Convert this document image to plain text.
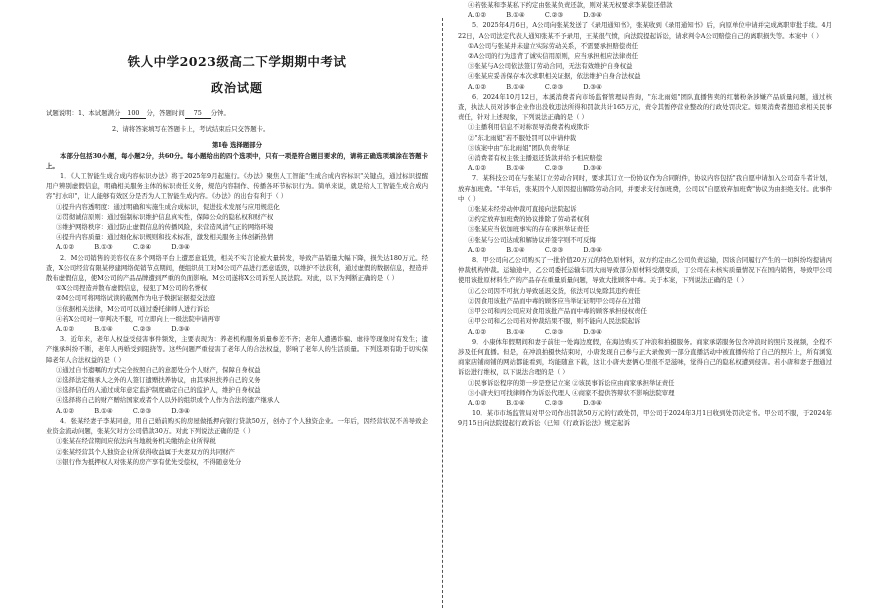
铁人中学2023级高二下学期期中考试
政治试题
试题说明：1、本试题满分 100 分，答题时间 75 分钟。
2、请将答案填写在答题卡上，考试结束后只交答题卡。
第Ⅰ卷 选择题部分
本部分包括30小题，每小题2分，共60分。每小题给出的四个选项中，只有一项是符合题目要求的，请将正确选项填涂在答题卡上。
1．《人工智能生成合成内容标识办法》将于2025年9月起施行。《办法》聚焦人工智能"生成合成内容标识"关键点，通过标识提醒用户辨别虚假信息，明确相关服务主体的标识责任义务，规范内容制作、传播各环节标识行为。简单来说，就是给人工智能生成合成内容"打水印"，让人能够有效区分是否为人工智能生成内容。《办法》的出台有利于（ ）
①提升内容透明度：通过明确和实施生成合成标识，促进技术发展与应用规范化
②贯彻诚信原则：通过强制标识维护信息真实性，保障公众的隐私权和财产权
③维护网络秩序：通过防止虚假信息的传播风险，来营造风清气正的网络环境
④提升内容质量：通过细化标识规则和技术标准，激发相关服务主体创新热情
A.①②          B.①③          C.②④          D.③④
2．M公司销售的美容仪在多个网络平台上遭恶意诋毁，相关不实言论被大量转发，导致产品销量大幅下降，损失达180万元。经查，X公司经营有限某停建网络促销节点期间，便组织员工对M公司产品进行恶意诋毁，以维护不法获利，通过虚假的数据信息，捏造并散布虚假信息，使M公司的产品品牌遭到严重的负面影响。M公司遂将X公司诉至人民法院。对此，以下为判断正确的是（ ）
①X公司捏造并散布虚假信息，侵犯了M公司的名誉权
②M公司可将网络试读的截图作为电子数据证据提交法庭
③依据相关法律，M公司可以通过委托律师人进行诉讼
④若X公司对一审判决不服，可立即向上一级法院申请再审
A.①②          B.①④          C.②③          D.③④
3．近年来，老年人权益受侵害事件频发，主要表现为：养老机构服务质量参差不齐；老年人遭遇诈骗、虐待等现象时有发生；遗产继承纠纷不断，老年人再婚受到阻挠等。这些问题严重侵害了老年人的合法权益，影响了老年人的生活质量。下列选项有助于切实保障老年人合法权益的是（ ）
①通过自书遗嘱的方式完全按照自己的意愿处分个人财产，保障自身权益
②选择法定继承人之外的人签订遗赠扶养协议，由其承担扶养自己的义务
③选择信任的人通过成年意定监护制度确定自己的监护人，维护自身权益
④选择将自己的财产赠给国家或者个人以外的组织或个人作为合法的遗产继承人
A.①②          B.①④          C.②③          D.③④
4．张某经妻子李某同意，用自己婚前购买的房屋做抵押向银行贷款50万，创办了个人独资企业。一年后，因经营状况不善导致企业资金流动问题，张某欠对方公司借款30万。对此下列说法正确的是（ ）
①张某在经营期间应依法向当地税务机关缴纳企业所得税
②张某经营其个人独资企业所获得收益属于夫妻双方的共同财产
③银行作为抵押权人对张某的房产享有优先受偿权，不得随意处分
④若张某和李某私下约定由张某负责还款，则对某无权要求李某偿还借款
A.①②          B.①④          C.②③          D.③④
5．2025年4月6日，A公司向张某发送了《录用通知书》，张某收到《录用通知书》后，向原单位申请并完成离职审批手续。4月22日，A公司法定代表人通知张某不予录用，王某很气愤，向法院提起诉讼，请求判令A公司赔偿自己的离职损失等。本案中（ ）
①A公司与张某并未建立实际劳动关系，不需要承担赔偿责任
②A公司的行为违背了诚实信用原则，应当承担相应法律责任
③张某与A公司依法签订劳动合同，无法有效维护自身权益
④张某应妥善保存本次求职相关证据，依法维护自身合法权益
A.①②          B.①④          C.②③          D.③④
6．2024年10月12日，本溪消费者向市场监督管理局咨询，"东北雨姐"团队直播售卖的红薯粉条涉嫌产品质量问题，通过核查，执法人员对涉事企业作出没收违法所得和罚款共计165万元，责令其暂停营业整改的行政处罚决定。如果消费者想追求相关民事责任，针对上述现象，下列说法正确的是（ ）
①主播利用信息不对称误导消费者构成欺诈
②"东北雨姐"若不服处罚可以申请仲裁
③该案中由"东北雨姐"团队负责举证
④消费者有权主张主播退还货款并给予相应赔偿
A.①②          B.①④          C.②③          D.③④
7．某科技公司在与张某订立劳动合同时，要求其订立一份协议作为合同附件，协议内容包括"我自愿申请加入公司奋斗者计划，放弃加班费。"半年后，张某因个人原因提出解除劳动合同，并要求支付加班费，公司以"自愿放弃加班费"协议为由拒绝支付。此事件中（ ）
①张某未经劳动仲裁可直接向法院起诉
②约定放弃加班费的协议排除了劳动者权利
③张某应当依加班事实的存在承担举证责任
④张某与公司达成和解协议并签字则不可反悔
A.①②          B.①④          C.②③          D.③④
8．甲公司向乙公司购买了一批价值20万元的特色原材料，双方约定由乙公司负责运输，因该合同履行产生的一切纠纷均提请丙仲裁机构仲裁。运输途中，乙公司委托运输车因大雨导致部分原材料受潮变质，丁公司在未核实质量情况下在国内销售，导致甲公司使用该批原材料生产的产品存在重量质量问题，导致大批顾客中毒。关于本案，下列说法正确的是（ ）
①乙公司因不可抗力导致延迟交货，依法可以免除其违约责任
②因食用该批产品而中毒的顾客应当举证证明甲公司存在过错
③甲公司和丙公司应对食用该批产品而中毒的顾客承担侵权责任
④甲公司和乙公司若对仲裁结果不服，则不能向人民法院起诉
A.①②          B.①④          C.②③          D.③④
9．小康体年假期间和妻子前往一处海边度假，在海边购买了冲浪和拍摄服务。商家承诺服务包含冲浪时的照片及视频，全程不涉及任何直播。但是，在冲浪拍摄快结束时，小唐发现自己参与正大录像到一部分直播活动中被直播传给了自己的照片上，所有浏览商家店铺商铺的网站都能看到，均能随意下载，这让小唐夫妻俩心里很不是滋味，觉得自己的隐私权遭到侵害。若小唐和妻子想通过诉讼进行维权，以下说法合理的是（ ）
①民事诉讼程序的第一步是登记立案 ②该民事诉讼应由商家承担举证责任
③小唐夫妇可找律师作为诉讼代理人 ④商家不提供答辩状不影响法院审理
A.①②          B.①④          C.②③          D.③④
10．某市市场监管局对甲公司作出罚款50万元的行政处罚，甲公司于2024年3月1日收到处罚决定书。甲公司不服，于2024年9月15日向法院提起行政诉讼（已知《行政诉讼法》规定起诉
